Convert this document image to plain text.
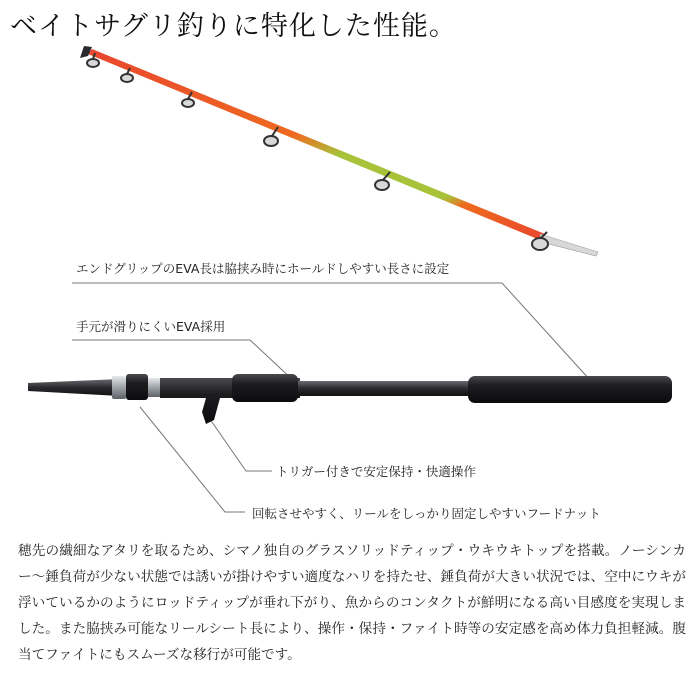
ベイトサグリ釣りに特化した性能。
エンドグリップのEVA長は脇挟み時にホールドしやすい長さに設定
手元が滑りにくいEVA採用
トリガー付きで安定保持・快適操作
回転させやすく、リールをしっかり固定しやすいフードナット
穂先の繊細なアタリを取るため、シマノ独自のグラスソリッドティップ・ウキウキトップを搭載。ノーシンカー～錘負荷が少ない状態では誘いが掛けやすい適度なハリを持たせ、錘負荷が大きい状況では、空中にウキが浮いているかのようにロッドティップが垂れ下がり、魚からのコンタクトが鮮明になる高い目感度を実現しました。また脇挟み可能なリールシート長により、操作・保持・ファイト時等の安定感を高め体力負担軽減。腹当てファイトにもスムーズな移行が可能です。
